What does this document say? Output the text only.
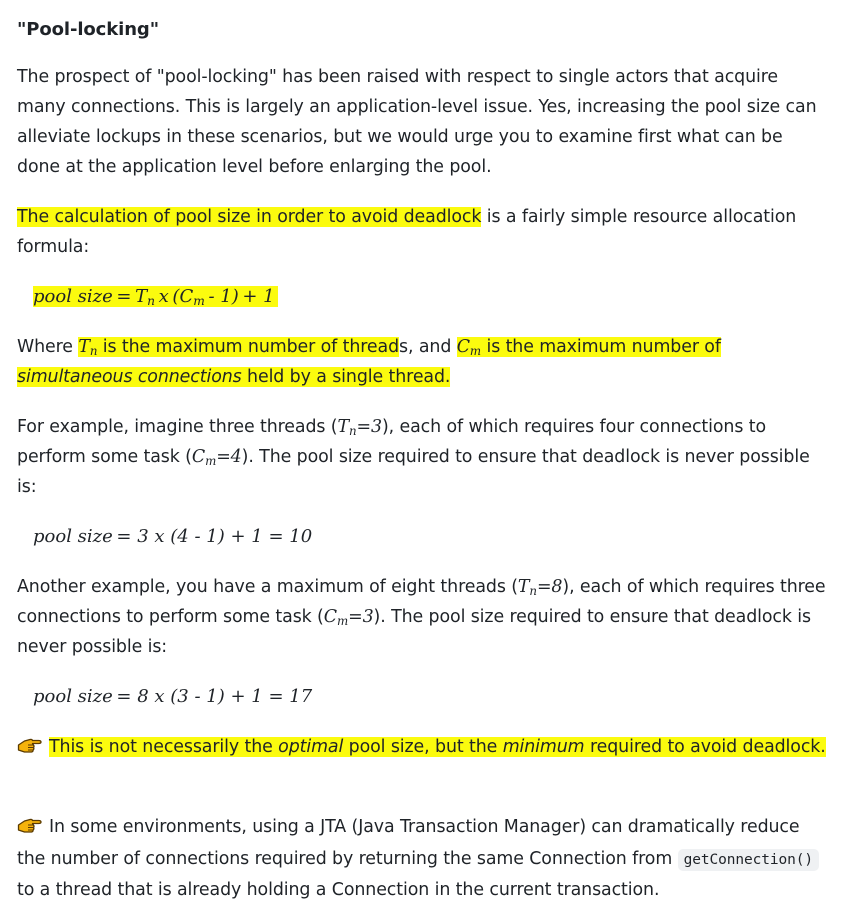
"Pool-locking"

The prospect of "pool-locking" has been raised with respect to single actors that acquire many connections. This is largely an application-level issue. Yes, increasing the pool size can alleviate lockups in these scenarios, but we would urge you to examine first what can be done at the application level before enlarging the pool.

The calculation of pool size in order to avoid deadlock is a fairly simple resource allocation formula:

pool size  =  $T_n$  x  $(C_m - 1) + 1$  

Where $T_n$ is the maximum number of threads, and $C_m$ is the maximum number of simultaneous connections held by a single thread.

For example, imagine three threads $(T_n=3)$, each of which requires four connections to perform some task $(C_m=4)$. The pool size required to ensure that deadlock is never possible is:

pool size  = 3 x (4 - 1) + 1 = 10

Another example, you have a maximum of eight threads $(T_n=8)$, each of which requires three connections to perform some task $(C_m=3)$. The pool size required to ensure that deadlock is never possible is:

pool size  = 8 x (3 - 1) + 1 = 17

This is not necessarily the optimal pool size, but the minimum required to avoid deadlock.

In some environments, using a JTA (Java Transaction Manager) can dramatically reduce the number of connections required by returning the same Connection from getConnection() to a thread that is already holding a Connection in the current transaction.
